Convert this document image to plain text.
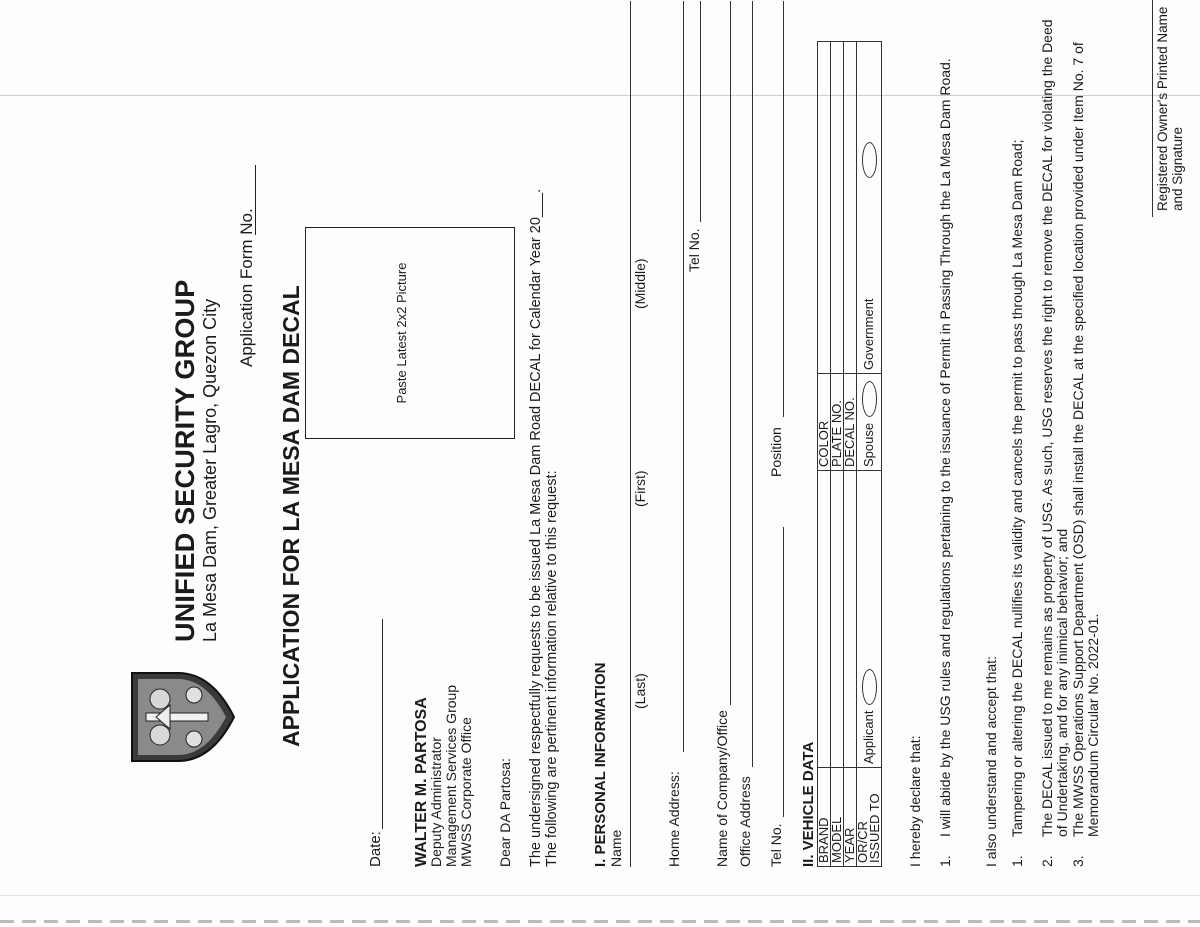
UNIFIED SECURITY GROUP La Mesa Dam, Greater Lagro, Quezon City
Application Form No. APPLICATION FOR LA MESA DAM DECAL	Paste Latest 2x2 Picture
Date: WALTER M. PARTOSA
Deputy Administrator
Management Services Group
MWSS Corporate Office Dear DA Partosa: The undersigned respectfully requests to be issued La Mesa Dam Road DECAL for Calendar Year 20___. The following are pertinent information relative to this request: I. PERSONAL INFORMATION Name
(Last)
(First)
(Middle)
Home Address:
Tel No.
Name of Company/Office Office Address Tel No.
Position
II. VEHICLE DATA BRAND		COLOR	
MODEL		PLATE NO.	
YEAR		DECAL NO.	
OR/CR ISSUED TO	Applicant	Spouse	Government
I hereby declare that: 1.
I will abide by the USG rules and regulations pertaining to the issuance of Permit in Passing Through the La Mesa Dam Road. I also understand and accept that: 1.
Tampering or altering the DECAL nullifies its validity and cancels the permit to pass through La Mesa Dam Road;
2.
The DECAL issued to me remains as property of USG. As such, USG reserves the right to remove the DECAL for violating the Deed of Undertaking, and for any inimical behavior; and
3.
The MWSS Operations Support Department (OSD) shall install the DECAL at the specified location provided under Item No. 7 of Memorandum Circular No. 2022-01.
Registered Owner's Printed Name and Signature
